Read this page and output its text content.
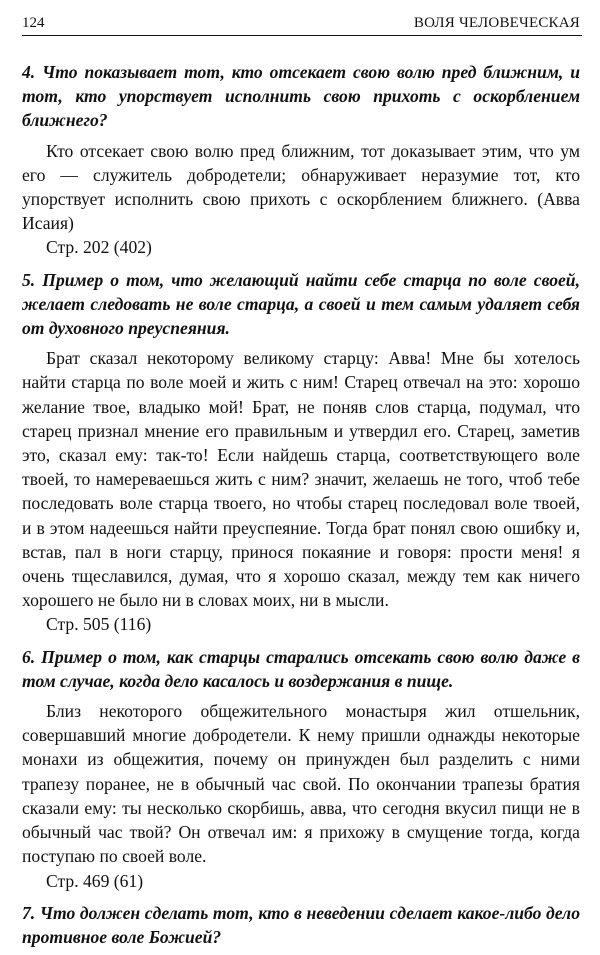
124	ВОЛЯ ЧЕЛОВЕЧЕСКАЯ

4. Что показывает тот, кто отсекает свою волю пред ближним, и тот, кто упорствует исполнить свою прихоть с оскорблением ближнего?

Кто отсекает свою волю пред ближним, тот доказывает этим, что ум его — служитель добродетели; обнаруживает неразумие тот, кто упорствует исполнить свою прихоть с оскорблением ближнего. (Авва Исаия)

Стр. 202 (402)

5. Пример о том, что желающий найти себе старца по воле своей, желает следовать не воле старца, а своей и тем самым удаляет себя от духовного преуспеяния.

Брат сказал некоторому великому старцу: Авва! Мне бы хотелось найти старца по воле моей и жить с ним! Старец отвечал на это: хорошо желание твое, владыко мой! Брат, не поняв слов старца, подумал, что старец признал мнение его правильным и утвердил его. Старец, заметив это, сказал ему: так-то! Если найдешь старца, соответствующего воле твоей, то намереваешься жить с ним? значит, желаешь не того, чтоб тебе последовать воле старца твоего, но чтобы старец последовал воле твоей, и в этом надеешься найти преуспеяние. Тогда брат понял свою ошибку и, встав, пал в ноги старцу, принося покаяние и говоря: прости меня! я очень тщеславился, думая, что я хорошо сказал, между тем как ничего хорошего не было ни в словах моих, ни в мысли.

Стр. 505 (116)

6. Пример о том, как старцы старались отсекать свою волю даже в том случае, когда дело касалось и воздержания в пище.

Близ некоторого общежительного монастыря жил отшельник, совершавший многие добродетели. К нему пришли однажды некоторые монахи из общежития, почему он принужден был разделить с ними трапезу поранее, не в обычный час свой. По окончании трапезы братия сказали ему: ты несколько скорбишь, авва, что сегодня вкусил пищи не в обычный час твой? Он отвечал им: я прихожу в смущение тогда, когда поступаю по своей воле.

Стр. 469 (61)

7. Что должен сделать тот, кто в неведении сделает какое-либо дело противное воле Божией?
